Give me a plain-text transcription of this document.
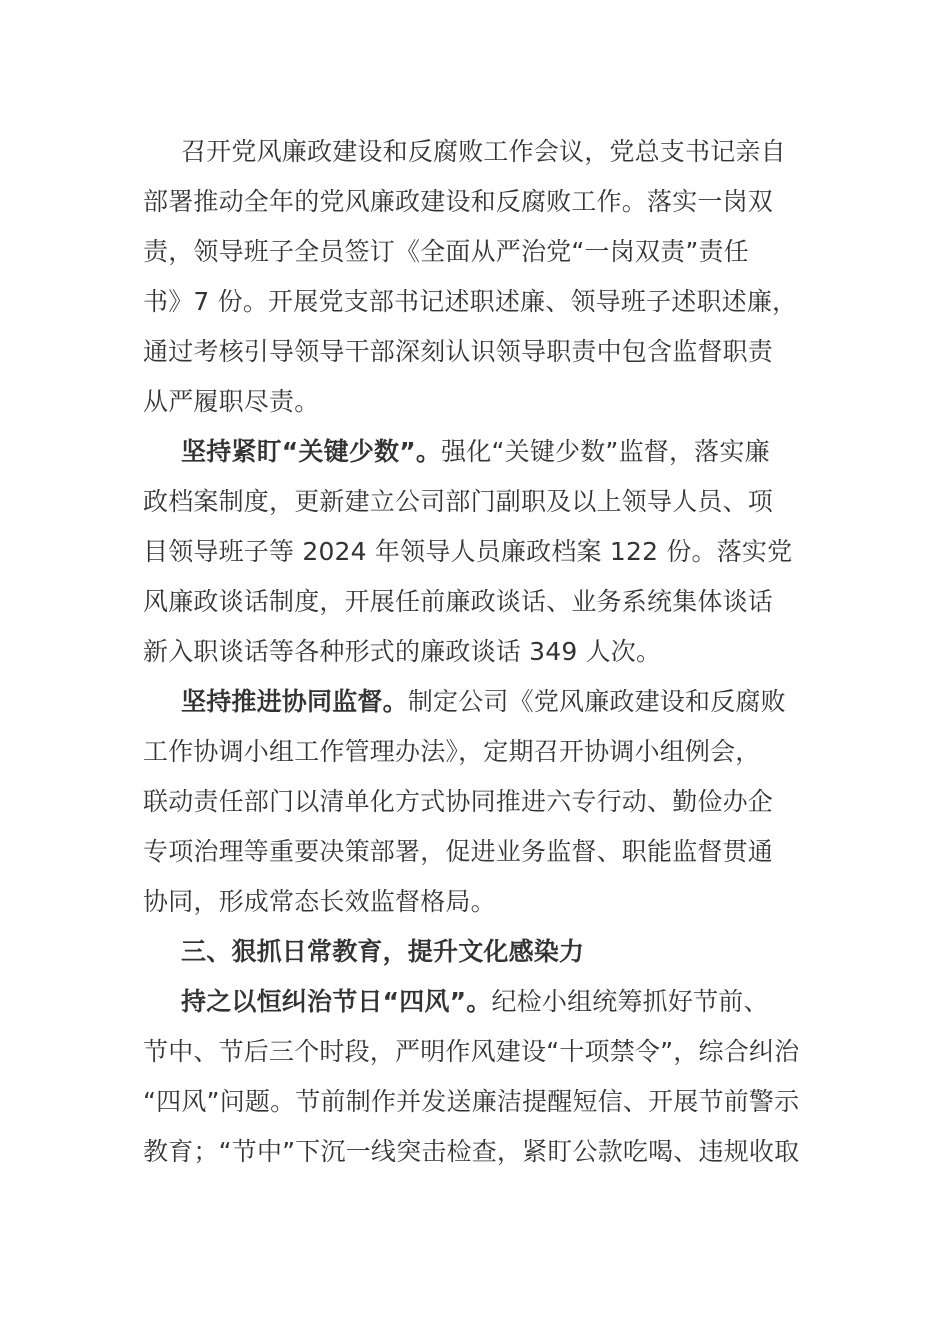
召开党风廉政建设和反腐败工作会议，党总支书记亲自
部署推动全年的党风廉政建设和反腐败工作。落实一岗双
责，领导班子全员签订《全面从严治党“一岗双责”责任
书》7 份。开展党支部书记述职述廉、领导班子述职述廉，
通过考核引导领导干部深刻认识领导职责中包含监督职责
从严履职尽责。
坚持紧盯“关键少数”。强化“关键少数”监督，落实廉
政档案制度，更新建立公司部门副职及以上领导人员、项
目领导班子等 2024 年领导人员廉政档案 122 份。落实党
风廉政谈话制度，开展任前廉政谈话、业务系统集体谈话
新入职谈话等各种形式的廉政谈话 349 人次。
坚持推进协同监督。制定公司《党风廉政建设和反腐败
工作协调小组工作管理办法》，定期召开协调小组例会，
联动责任部门以清单化方式协同推进六专行动、勤俭办企
专项治理等重要决策部署，促进业务监督、职能监督贯通
协同，形成常态长效监督格局。
三、狠抓日常教育，提升文化感染力
持之以恒纠治节日“四风”。纪检小组统筹抓好节前、
节中、节后三个时段，严明作风建设“十项禁令”，综合纠治
“四风”问题。节前制作并发送廉洁提醒短信、开展节前警示
教育；“节中”下沉一线突击检查，紧盯公款吃喝、违规收取
